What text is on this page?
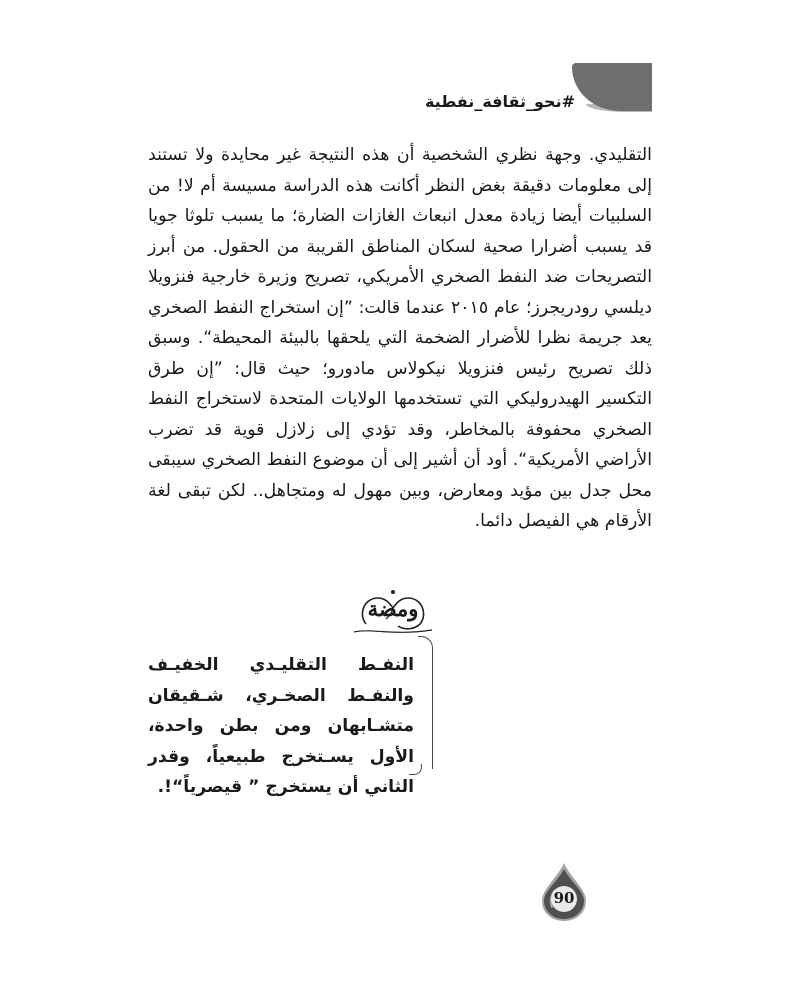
#نحو_ثقافة_نفطية

التقليدي. وجهة نظري الشخصية أن هذه النتيجة غير محايدة ولا تستند إلى معلومات دقيقة بغض النظر أكانت هذه الدراسة مسيسة أم لا! من السلبيات أيضا زيادة معدل انبعاث الغازات الضارة؛ ما يسبب تلوثا جويا قد يسبب أضرارا صحية لسكان المناطق القريبة من الحقول. من أبرز التصريحات ضد النفط الصخري الأمريكي، تصريح وزيرة خارجية فنزويلا ديلسي رودريجرز؛ عام ٢٠١٥ عندما قالت: ”إن استخراج النفط الصخري يعد جريمة نظرا للأضرار الضخمة التي يلحقها بالبيئة المحيطة“. وسبق ذلك تصريح رئيس فنزويلا نيكولاس مادورو؛ حيث قال: ”إن طرق التكسير الهيدروليكي التي تستخدمها الولايات المتحدة لاستخراج النفط الصخري محفوفة بالمخاطر، وقد تؤدي إلى زلازل قوية قد تضرب الأراضي الأمريكية“. أود أن أشير إلى أن موضوع النفط الصخري سيبقى محل جدل بين مؤيد ومعارض، وبين مهول له ومتجاهل.. لكن تبقى لغة الأرقام هي الفيصل دائما.

ومضة

النفـط التقليـدي الخفيـف والنفـط الصخـري، شـقيقان متشـابهان ومن بطن واحدة، الأول يسـتخرج طبيعياً، وقدر الثاني أن يستخرج ” قيصرياً“!.

90
